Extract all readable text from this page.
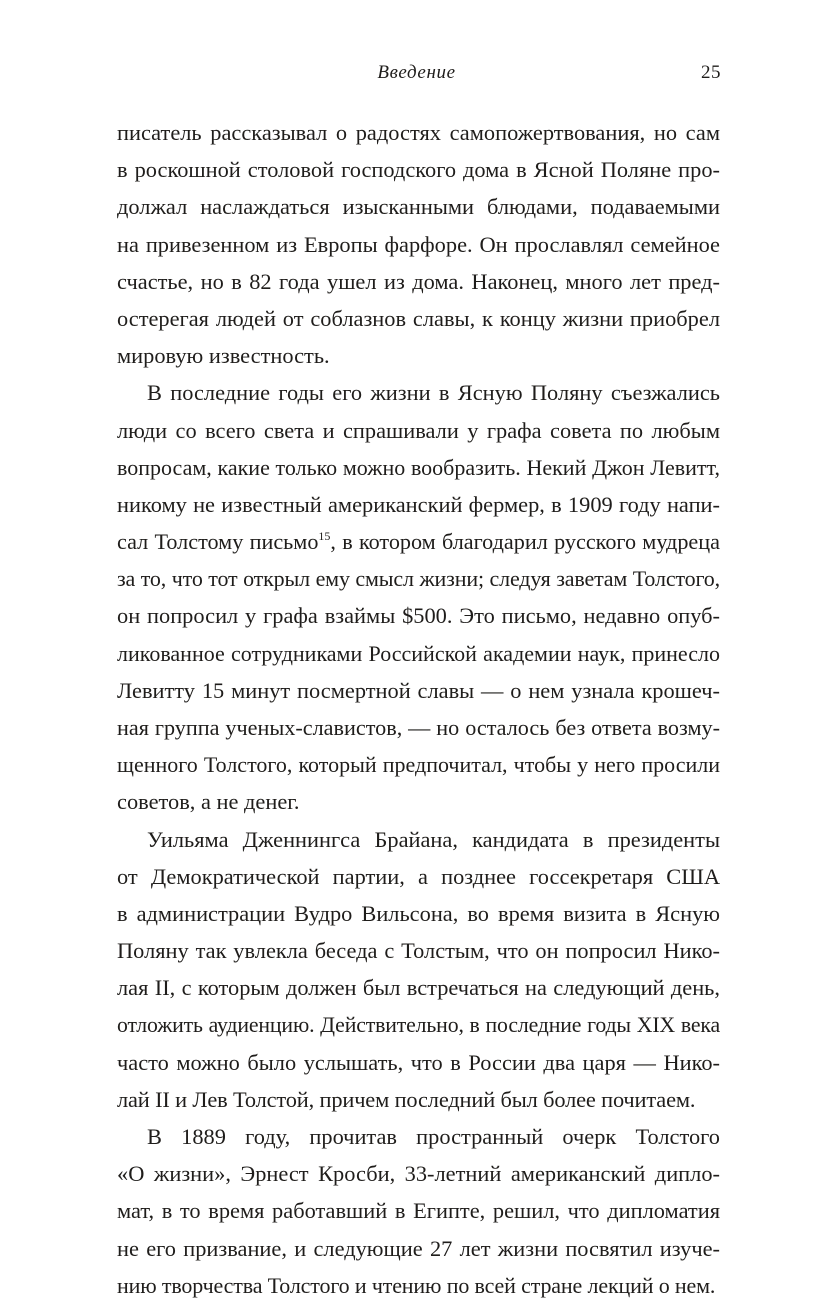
Введение	25

писатель рассказывал о радостях самопожертвования, но сам
в роскошной столовой господского дома в Ясной Поляне про-
должал наслаждаться изысканными блюдами, подаваемыми
на привезенном из Европы фарфоре. Он прославлял семейное
счастье, но в 82 года ушел из дома. Наконец, много лет пред-
остерегая людей от соблазнов славы, к концу жизни приобрел
мировую известность.

В последние годы его жизни в Ясную Поляну съезжались
люди со всего света и спрашивали у графа совета по любым
вопросам, какие только можно вообразить. Некий Джон Левитт,
никому не известный американский фермер, в 1909 году напи-
сал Толстому письмо$^{15}$, в котором благодарил русского мудреца
за то, что тот открыл ему смысл жизни; следуя заветам Толстого,
он попросил у графа взаймы $500. Это письмо, недавно опуб-
ликованное сотрудниками Российской академии наук, принесло
Левитту 15 минут посмертной славы — о нем узнала крошеч-
ная группа ученых-славистов, — но осталось без ответа возму-
щенного Толстого, который предпочитал, чтобы у него просили
советов, а не денег.

Уильяма Дженнингса Брайана, кандидата в президенты
от Демократической партии, а позднее госсекретаря США
в администрации Вудро Вильсона, во время визита в Ясную
Поляну так увлекла беседа с Толстым, что он попросил Нико-
лая II, с которым должен был встречаться на следующий день,
отложить аудиенцию. Действительно, в последние годы XIX века
часто можно было услышать, что в России два царя — Нико-
лай II и Лев Толстой, причем последний был более почитаем.

В 1889 году, прочитав пространный очерк Толстого
«О жизни», Эрнест Кросби, 33-летний американский дипло-
мат, в то время работавший в Египте, решил, что дипломатия
не его призвание, и следующие 27 лет жизни посвятил изуче-
нию творчества Толстого и чтению по всей стране лекций о нем.
